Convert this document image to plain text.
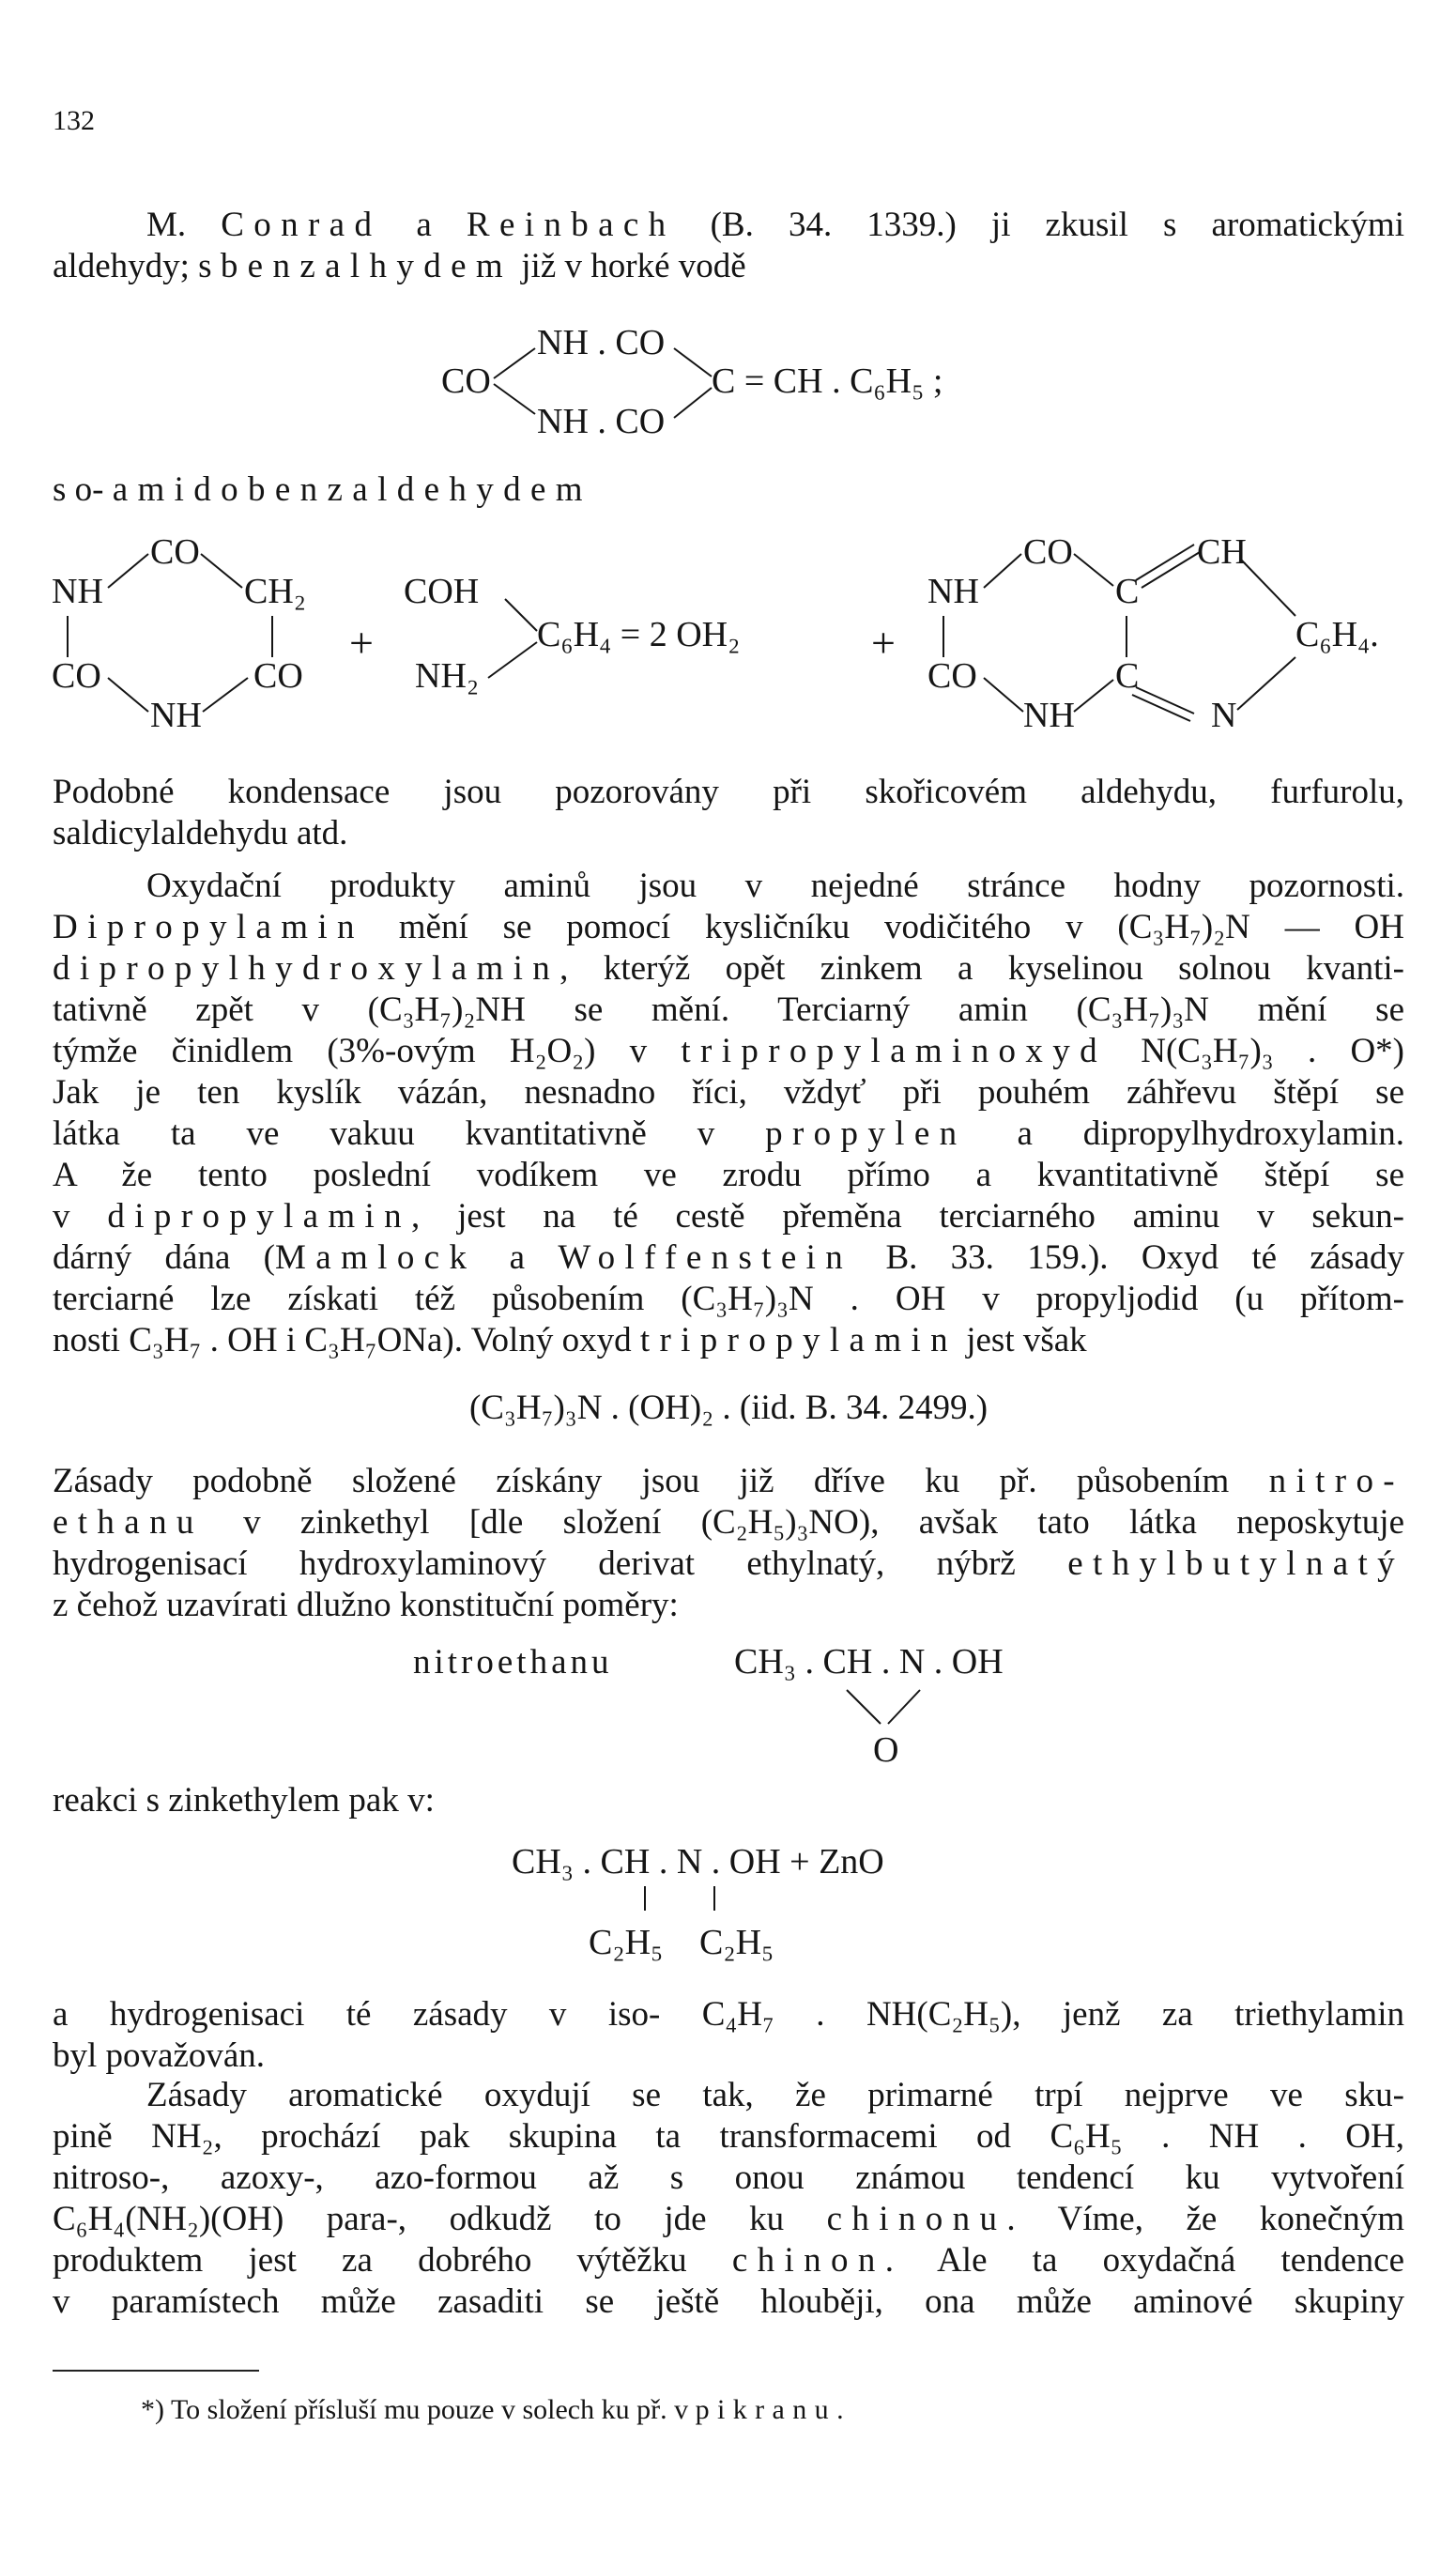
132
M. Conrad a Reinbach (B. 34. 1339.) ji zkusil s aromatickými
aldehydy; s benzalhydem již v horké vodě
CO
NH . CO
NH . CO
C = CH . C₆H₅ ;
s o- amidobenzaldehydem
CO
NH	CH₂
CO	CO
NH
+
COH
NH₂
C₆H₄ = 2 OH₂	+
NH
CO	CH
C
CO	C
NH	N
C₆H₄.
Podobné kondensace jsou pozorovány při skořicovém aldehydu, furfurolu,
saldicylaldehydu atd.
Oxydační produkty aminů jsou v nejedné stránce hodny pozornosti.
Dipropylamin mění se pomocí kysličníku vodičitého v (C₃H₇)₂N — OH
dipropylhydroxylamin, kterýž opět zinkem a kyselinou solnou kvanti-
tativně zpět v (C₃H₇)₂NH se mění. Terciarný amin (C₃H₇)₃N mění se
týmže činidlem (3%-ovým H₂O₂) v tripropylaminoxyd N(C₃H₇)₃ . O*)
Jak je ten kyslík vázán, nesnadno říci, vždyť při pouhém záhřevu štěpí se
látka ta ve vakuu kvantitativně v propylen a dipropylhydroxylamin.
A že tento poslední vodíkem ve zrodu přímo a kvantitativně štěpí se
v dipropylamin, jest na té cestě přeměna terciarného aminu v sekun-
dárný dána (Mamlock a Wolffenstein B. 33. 159.). Oxyd té zásady
terciarné lze získati též působením (C₃H₇)₃N . OH v propyljodid (u přítom-
nosti C₃H₇ . OH i C₃H₇ONa). Volný oxyd tripropylamin jest však
(C₃H₇)₃N . (OH)₂ . (iid. B. 34. 2499.)
Zásady podobně složené získány jsou již dříve ku př. působením nitro-
ethanu v zinkethyl [dle složení (C₂H₅)₃NO), avšak tato látka neposkytuje
hydrogenisací hydroxylaminový derivat ethylnatý, nýbrž ethylbutylnatý
z čehož uzavírati dlužno konstituční poměry:
nitroethanu	CH₃ . CH . N . OH
O
reakci s zinkethylem pak v:
CH₃ . CH . N . OH + ZnO
C₂H₅ C₂H₅
a hydrogenisaci té zásady v iso- C₄H₇ . NH(C₂H₅), jenž za triethylamin
byl považován.
Zásady aromatické oxydují se tak, že primarné trpí nejprve ve sku-
pině NH₂, prochází pak skupina ta transformacemi od C₆H₅ . NH . OH,
nitroso-, azoxy-, azo-formou až s onou známou tendencí ku vytvoření
C₆H₄(NH₂)(OH) para-, odkudž to jde ku chinonu. Víme, že konečným
produktem jest za dobrého výtěžku chinon. Ale ta oxydačná tendence
v paramístech může zasaditi se ještě hlouběji, ona může aminové skupiny
*) To složení přísluší mu pouze v solech ku př. v pikranu.
